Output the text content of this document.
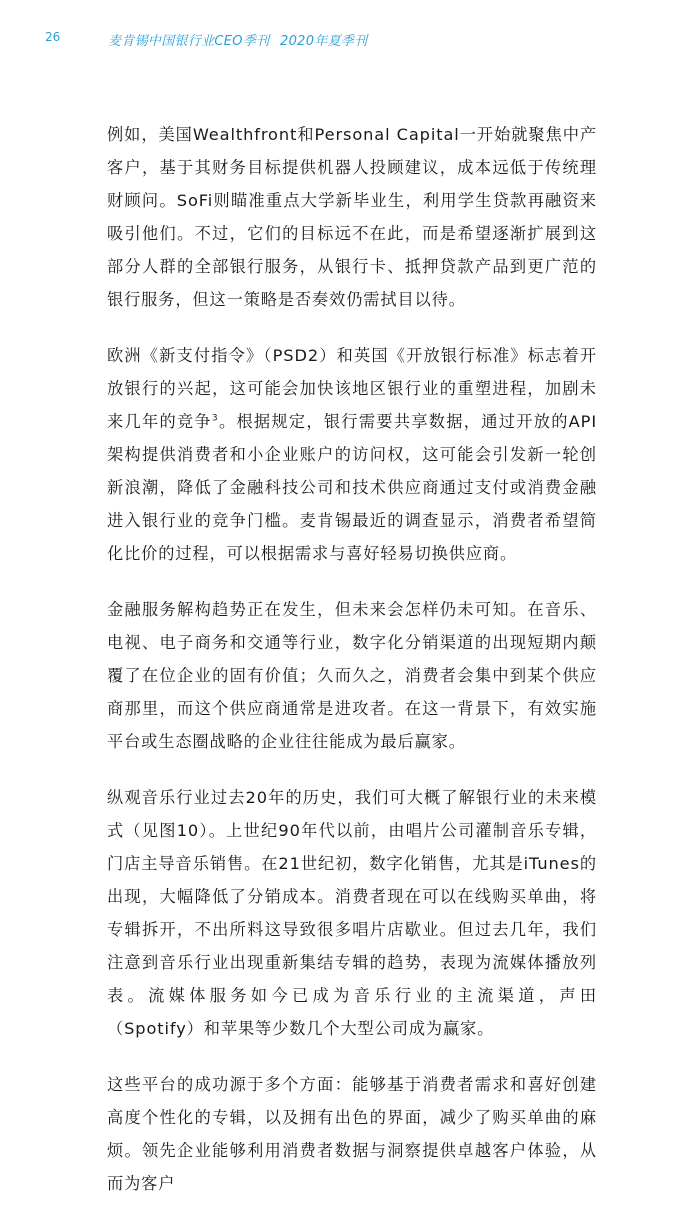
26	麦肯锡中国银行业CEO季刊 2020年夏季刊

例如，美国Wealthfront和Personal Capital一开始就聚焦中产客户，基于其财务目标提供机器人投顾建议，成本远低于传统理财顾问。SoFi则瞄准重点大学新毕业生，利用学生贷款再融资来吸引他们。不过，它们的目标远不在此，而是希望逐渐扩展到这部分人群的全部银行服务，从银行卡、抵押贷款产品到更广范的银行服务，但这一策略是否奏效仍需拭目以待。

欧洲《新支付指令》（PSD2）和英国《开放银行标准》标志着开放银行的兴起，这可能会加快该地区银行业的重塑进程，加剧未来几年的竞争$^3$。根据规定，银行需要共享数据，通过开放的API架构提供消费者和小企业账户的访问权，这可能会引发新一轮创新浪潮，降低了金融科技公司和技术供应商通过支付或消费金融进入银行业的竞争门槛。麦肯锡最近的调查显示，消费者希望简化比价的过程，可以根据需求与喜好轻易切换供应商。

金融服务解构趋势正在发生，但未来会怎样仍未可知。在音乐、电视、电子商务和交通等行业，数字化分销渠道的出现短期内颠覆了在位企业的固有价值；久而久之，消费者会集中到某个供应商那里，而这个供应商通常是进攻者。在这一背景下，有效实施平台或生态圈战略的企业往往能成为最后赢家。

纵观音乐行业过去20年的历史，我们可大概了解银行业的未来模式（见图10）。上世纪90年代以前，由唱片公司灌制音乐专辑，门店主导音乐销售。在21世纪初，数字化销售，尤其是iTunes的出现，大幅降低了分销成本。消费者现在可以在线购买单曲，将专辑拆开，不出所料这导致很多唱片店歇业。但过去几年，我们注意到音乐行业出现重新集结专辑的趋势，表现为流媒体播放列表。流媒体服务如今已成为音乐行业的主流渠道，声田（Spotify）和苹果等少数几个大型公司成为赢家。

这些平台的成功源于多个方面：能够基于消费者需求和喜好创建高度个性化的专辑，以及拥有出色的界面，减少了购买单曲的麻烦。领先企业能够利用消费者数据与洞察提供卓越客户体验，从而为客户
